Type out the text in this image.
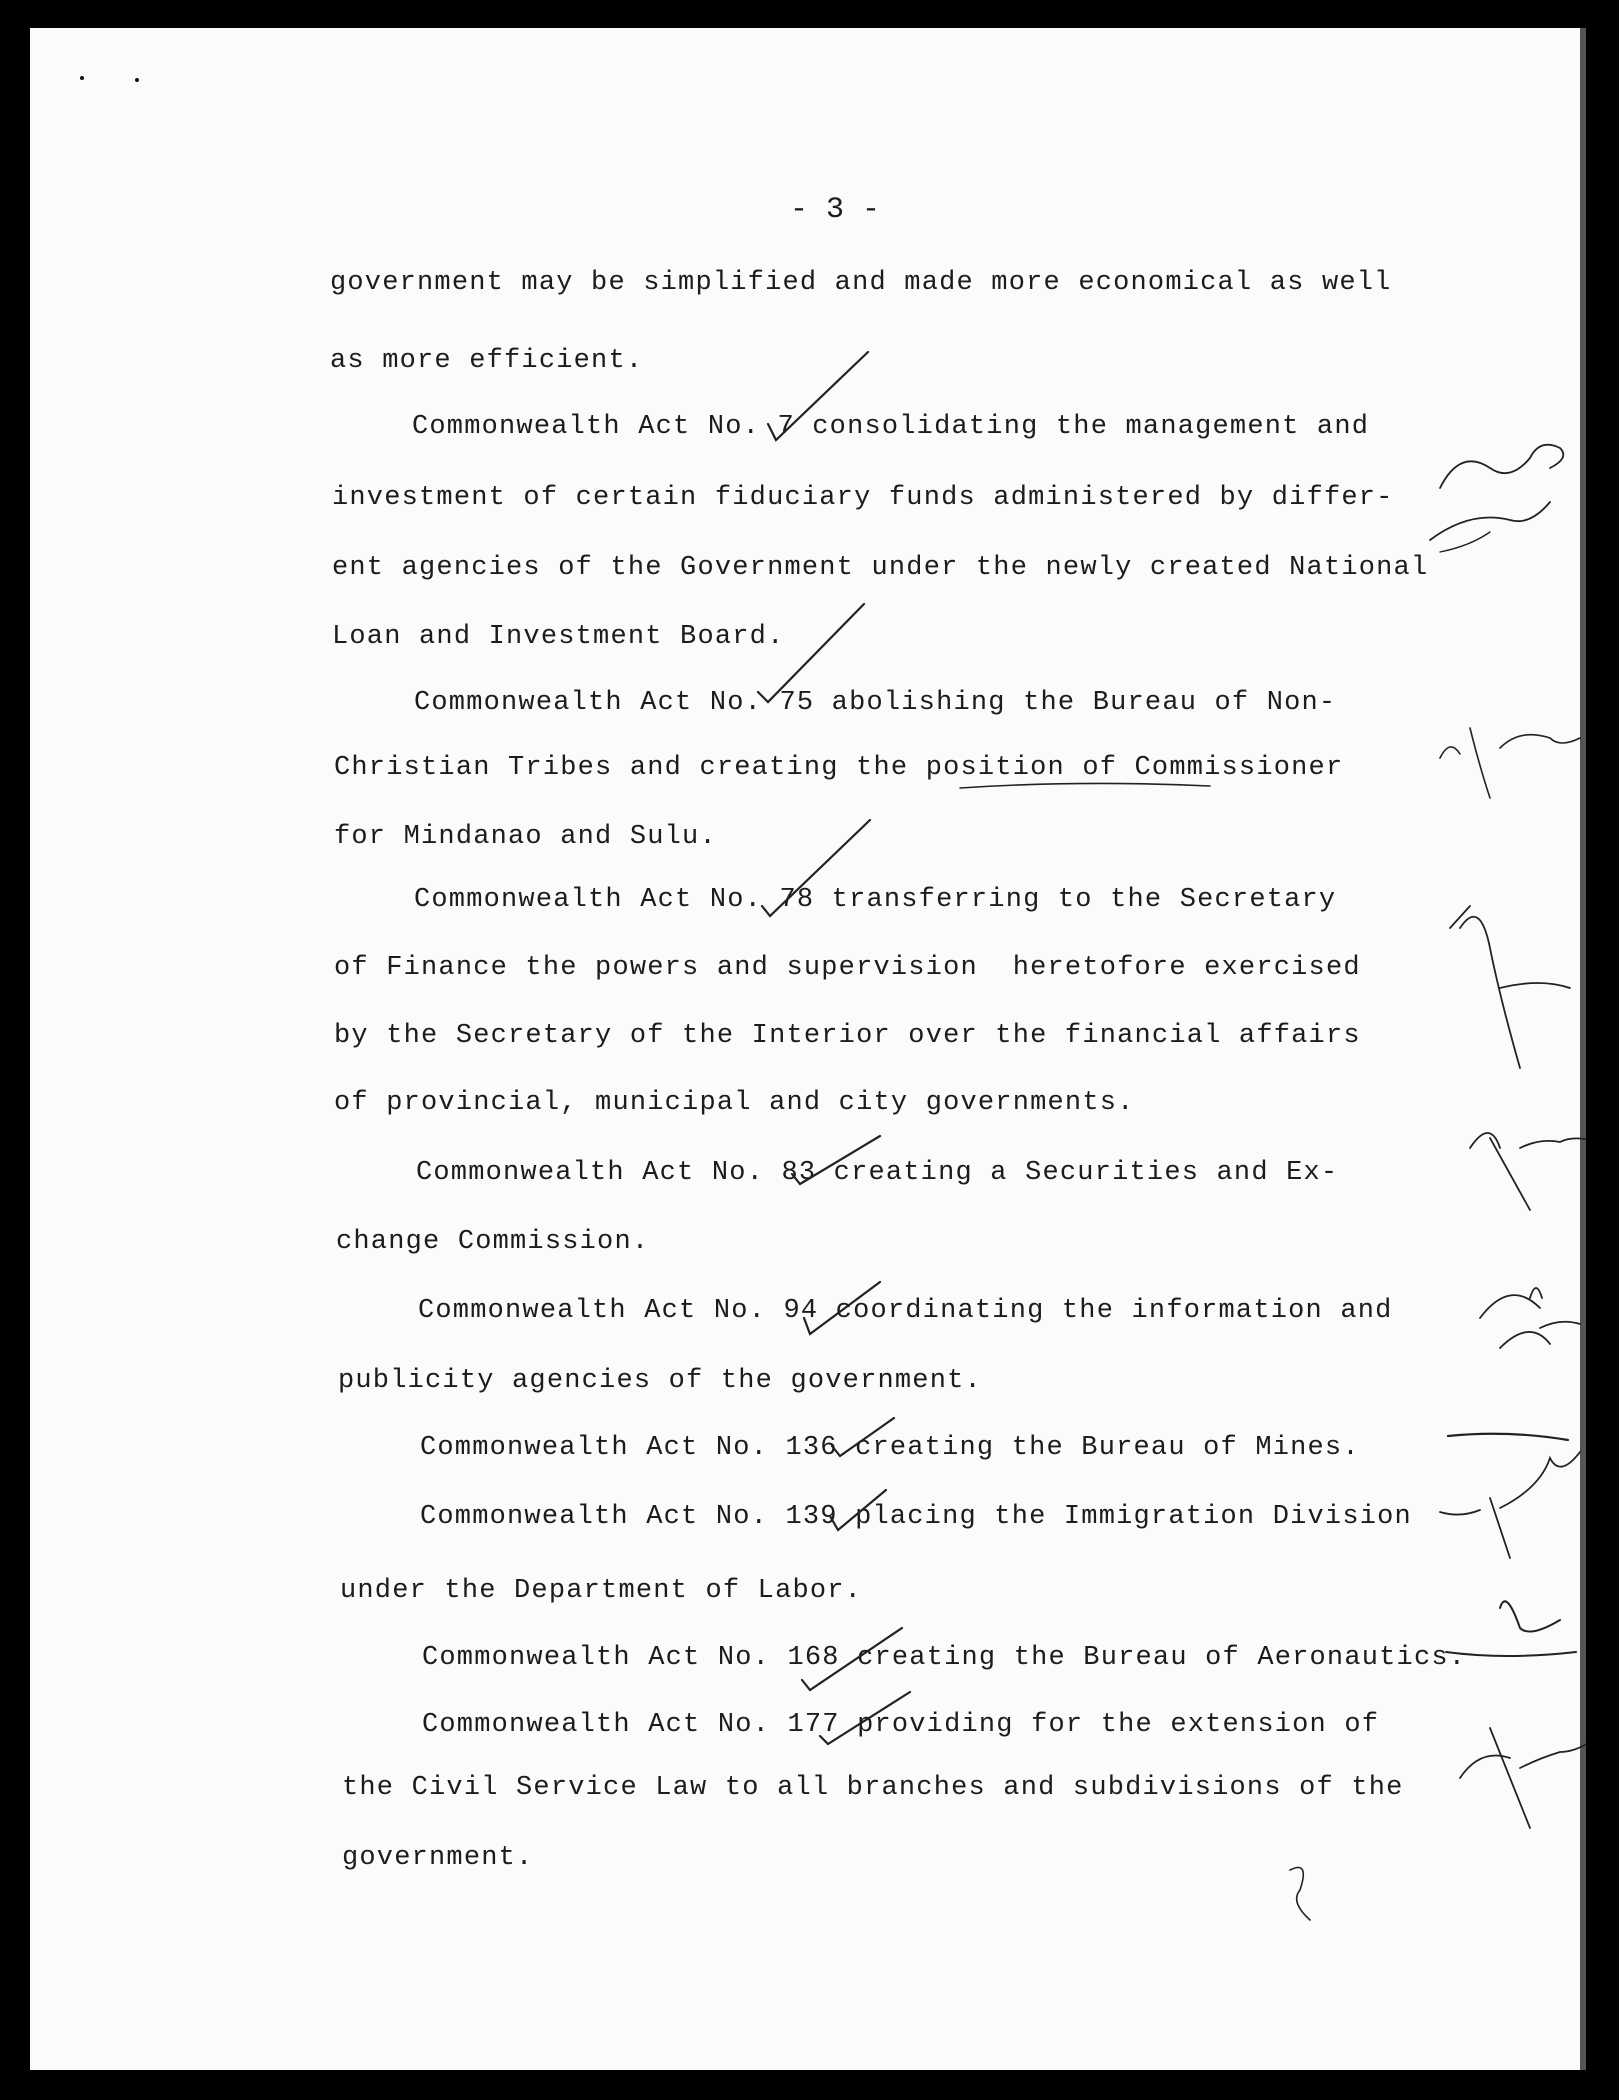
- 3 -
government may be simplified and made more economical as well
as more efficient.
Commonwealth Act No. 7 consolidating the management and
investment of certain fiduciary funds administered by differ-
ent agencies of the Government under the newly created National
Loan and Investment Board.
Commonwealth Act No. 75 abolishing the Bureau of Non-
Christian Tribes and creating the position of Commissioner
for Mindanao and Sulu.
Commonwealth Act No. 78 transferring to the Secretary
of Finance the powers and supervision  heretofore exercised
by the Secretary of the Interior over the financial affairs
of provincial, municipal and city governments.
Commonwealth Act No. 83 creating a Securities and Ex-
change Commission.
Commonwealth Act No. 94 coordinating the information and
publicity agencies of the government.
Commonwealth Act No. 136 creating the Bureau of Mines.
Commonwealth Act No. 139 placing the Immigration Division
under the Department of Labor.
Commonwealth Act No. 168 creating the Bureau of Aeronautics.
Commonwealth Act No. 177 providing for the extension of
the Civil Service Law to all branches and subdivisions of the
government.
